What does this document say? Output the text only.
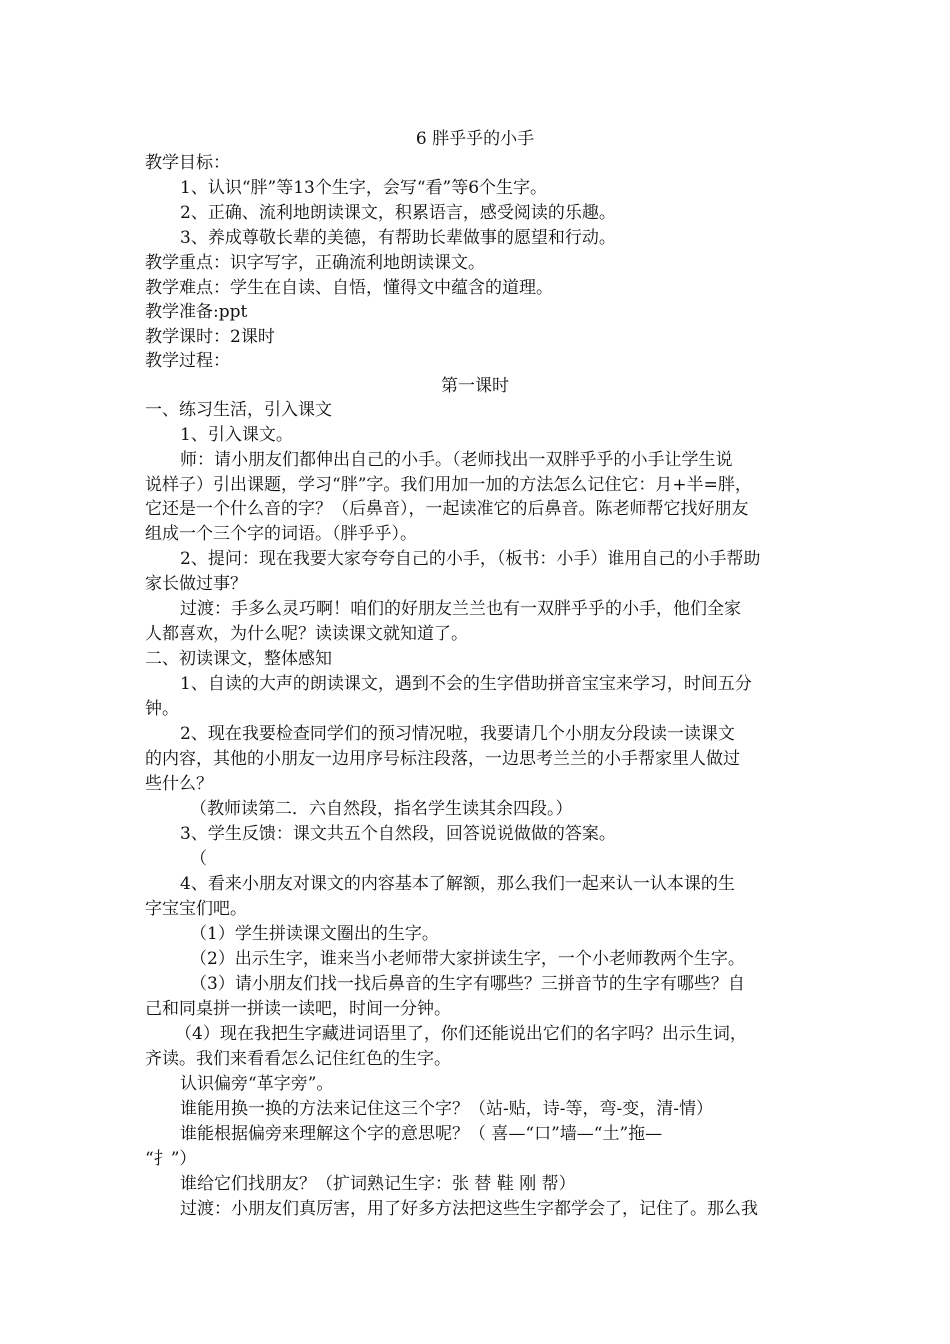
6 胖乎乎的小手
教学目标：
1、认识“胖”等13个生字，会写“看”等6个生字。
2、正确、流利地朗读课文，积累语言，感受阅读的乐趣。
3、养成尊敬长辈的美德，有帮助长辈做事的愿望和行动。
教学重点：识字写字，正确流利地朗读课文。
教学难点：学生在自读、自悟，懂得文中蕴含的道理。
教学准备:ppt
教学课时：2课时
教学过程：
第一课时
一、练习生活，引入课文
1、引入课文。
师：请小朋友们都伸出自己的小手。（老师找出一双胖乎乎的小手让学生说
说样子）引出课题，学习“胖”字。我们用加一加的方法怎么记住它：月+半=胖，
它还是一个什么音的字？（后鼻音），一起读准它的后鼻音。陈老师帮它找好朋友
组成一个三个字的词语。（胖乎乎）。
2、提问：现在我要大家夸夸自己的小手，（板书：小手）谁用自己的小手帮助
家长做过事？
过渡：手多么灵巧啊！咱们的好朋友兰兰也有一双胖乎乎的小手，他们全家
人都喜欢，为什么呢？读读课文就知道了。
二、初读课文，整体感知
1、自读的大声的朗读课文，遇到不会的生字借助拼音宝宝来学习，时间五分
钟。
2、现在我要检查同学们的预习情况啦，我要请几个小朋友分段读一读课文
的内容，其他的小朋友一边用序号标注段落，一边思考兰兰的小手帮家里人做过
些什么？
（教师读第二．六自然段，指名学生读其余四段。）
3、学生反馈：课文共五个自然段，回答说说做做的答案。
（
4、看来小朋友对课文的内容基本了解额，那么我们一起来认一认本课的生
字宝宝们吧。
（1）学生拼读课文圈出的生字。
（2）出示生字，谁来当小老师带大家拼读生字，一个小老师教两个生字。
（3）请小朋友们找一找后鼻音的生字有哪些？三拼音节的生字有哪些？自
己和同桌拼一拼读一读吧，时间一分钟。
（4）现在我把生字藏进词语里了，你们还能说出它们的名字吗？出示生词，
齐读。我们来看看怎么记住红色的生字。
认识偏旁“革字旁”。
谁能用换一换的方法来记住这三个字？（站-贴，诗-等，弯-变，清-情）
谁能根据偏旁来理解这个字的意思呢？（ 喜—“口”墙—“土”拖—
“扌”）
谁给它们找朋友？（扩词熟记生字：张 替 鞋 刚 帮）
过渡：小朋友们真厉害，用了好多方法把这些生字都学会了，记住了。那么我
